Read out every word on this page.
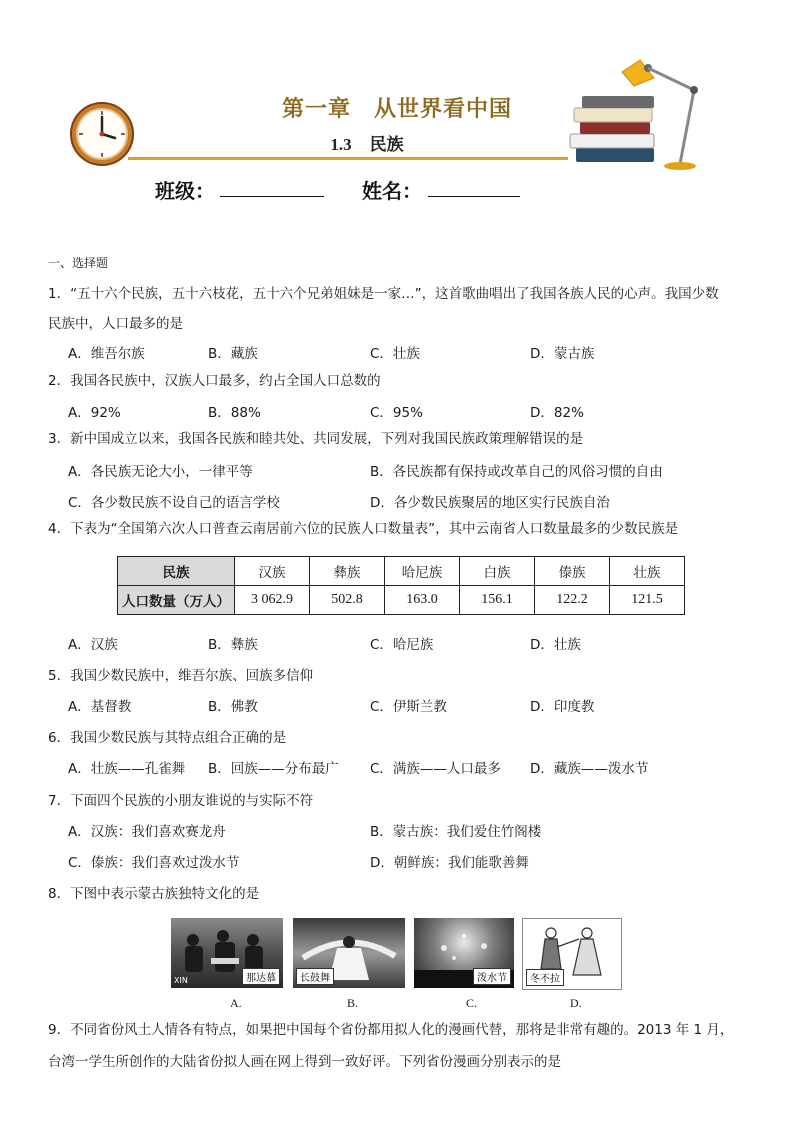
第一章　从世界看中国
1.3 民族
班级：	姓名：
一、选择题
1．“五十六个民族，五十六枝花，五十六个兄弟姐妹是一家…”，这首歌曲唱出了我国各族人民的心声。我国少数
民族中，人口最多的是
A．维吾尔族	B．藏族	C．壮族	D．蒙古族
2．我国各民族中，汉族人口最多，约占全国人口总数的
A．92%	B．88%	C．95%	D．82%
3．新中国成立以来，我国各民族和睦共处、共同发展，下列对我国民族政策理解错误的是
A．各民族无论大小，一律平等	B．各民族都有保持或改革自己的风俗习惯的自由
C．各少数民族不设自己的语言学校	D．各少数民族聚居的地区实行民族自治
4．下表为“全国第六次人口普查云南居前六位的民族人口数量表”，其中云南省人口数量最多的少数民族是
民族	汉族	彝族	哈尼族	白族	傣族	壮族
人口数量（万人）	3 062.9	502.8	163.0	156.1	122.2	121.5
A．汉族	B．彝族	C．哈尼族	D．壮族
5．我国少数民族中，维吾尔族、回族多信仰
A．基督教	B．佛教	C．伊斯兰教	D．印度教
6．我国少数民族与其特点组合正确的是
A．壮族——孔雀舞 B．回族——分布最广 C．满族——人口最多 D．藏族——泼水节
7．下面四个民族的小朋友谁说的与实际不符
A．汉族：我们喜欢赛龙舟	B．蒙古族：我们爱住竹阁楼
C．傣族：我们喜欢过泼水节	D．朝鲜族：我们能歌善舞
8．下图中表示蒙古族独特文化的是
XIN	那达慕	长鼓舞	泼水节	冬不拉
A.	B.	C.	D.
9．不同省份风土人情各有特点，如果把中国每个省份都用拟人化的漫画代替，那将是非常有趣的。2013 年 1 月，
台湾一学生所创作的大陆省份拟人画在网上得到一致好评。下列省份漫画分别表示的是
